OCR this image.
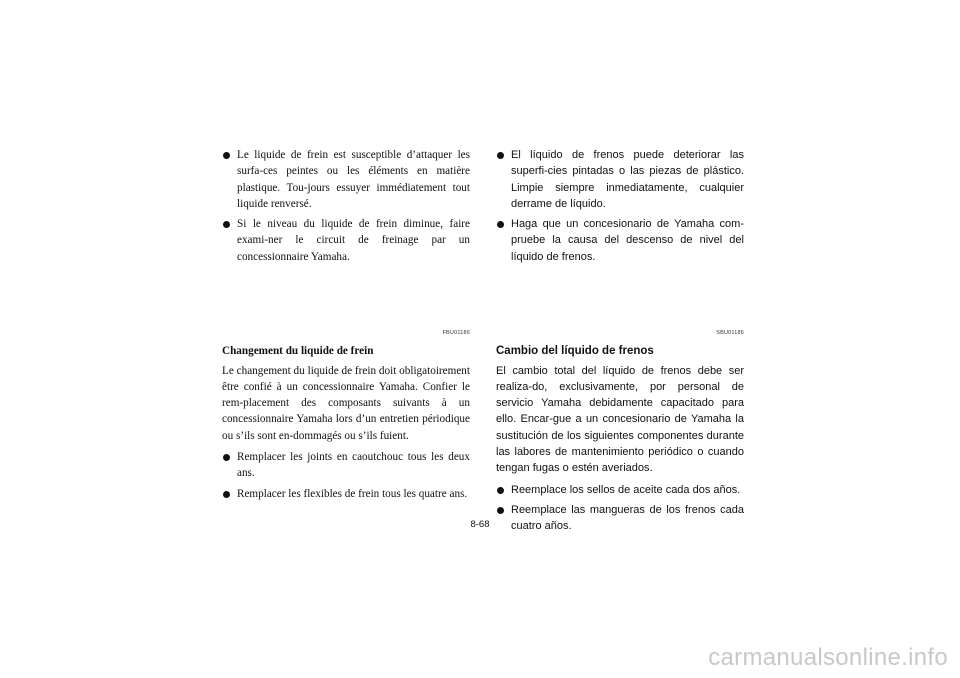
Le liquide de frein est susceptible d’attaquer les surfa-ces peintes ou les éléments en matière plastique. Tou-jours essuyer immédiatement tout liquide renversé.
Si le niveau du liquide de frein diminue, faire exami-ner le circuit de freinage par un concessionnaire Yamaha.
FBU01186
Changement du liquide de frein

Le changement du liquide de frein doit obligatoirement être confié à un concessionnaire Yamaha. Confier le rem-placement des composants suivants à un concessionnaire Yamaha lors d’un entretien périodique ou s’ils sont en-dommagés ou s’ils fuient.

Remplacer les joints en caoutchouc tous les deux ans.
Remplacer les flexibles de frein tous les quatre ans.
El líquido de frenos puede deteriorar las superfi-cies pintadas o las piezas de plástico. Limpie siempre inmediatamente, cualquier derrame de líquido.
Haga que un concesionario de Yamaha com-pruebe la causa del descenso de nivel del líquido de frenos.
SBU01186
Cambio del líquido de frenos

El cambio total del líquido de frenos debe ser realiza-do, exclusivamente, por personal de servicio Yamaha debidamente capacitado para ello. Encar-gue a un concesionario de Yamaha la sustitución de los siguientes componentes durante las labores de mantenimiento periódico o cuando tengan fugas o estén averiados.

Reemplace los sellos de aceite cada dos años.
Reemplace las mangueras de los frenos cada cuatro años.
8-68
carmanualsonline.info
